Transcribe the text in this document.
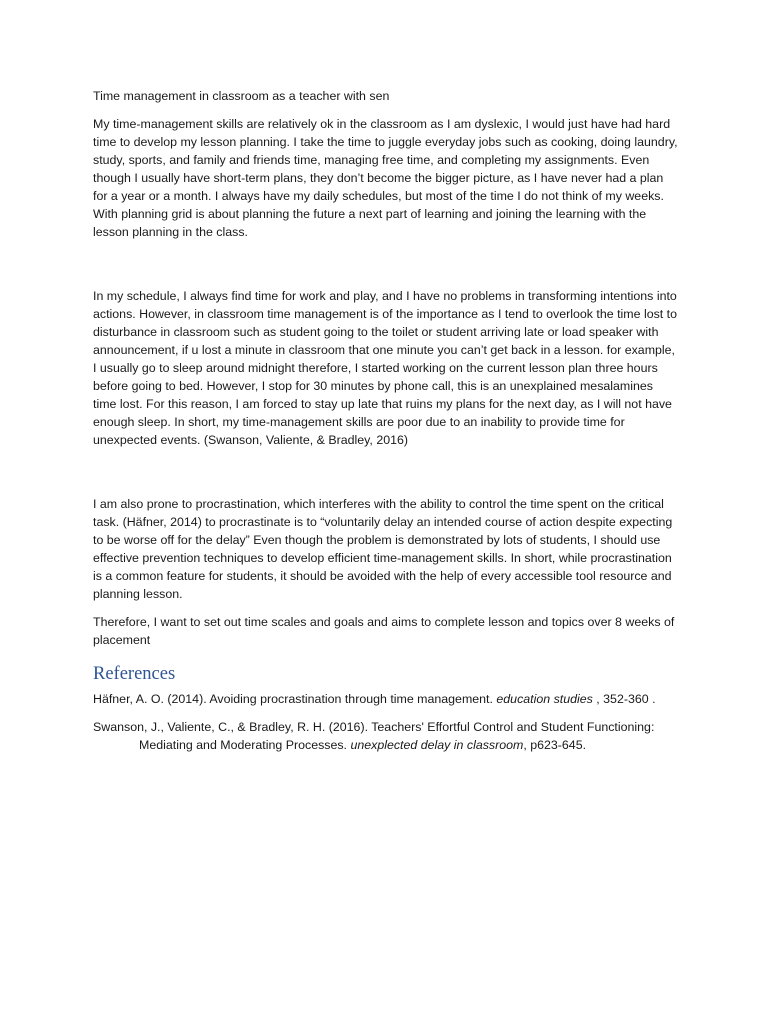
Time management in classroom as a teacher with sen

My time-management skills are relatively ok in the classroom as I am dyslexic, I would just have had hard time to develop my lesson planning. I take the time to juggle everyday jobs such as cooking, doing laundry, study, sports, and family and friends time, managing free time, and completing my assignments. Even though I usually have short-term plans, they don’t become the bigger picture, as I have never had a plan for a year or a month. I always have my daily schedules, but most of the time I do not think of my weeks. With planning grid is about planning the future a next part of learning and joining the learning with the lesson planning in the class.

In my schedule, I always find time for work and play, and I have no problems in transforming intentions into actions. However, in classroom time management is of the importance as I tend to overlook the time lost to disturbance in classroom such as student going to the toilet or student arriving late or load speaker with announcement, if u lost a minute in classroom that one minute you can’t get back in a lesson. for example, I usually go to sleep around midnight therefore, I started working on the current lesson plan three hours before going to bed. However, I stop for 30 minutes by phone call, this is an unexplained mesalamines time lost. For this reason, I am forced to stay up late that ruins my plans for the next day, as I will not have enough sleep. In short, my time-management skills are poor due to an inability to provide time for unexpected events. (Swanson, Valiente, & Bradley, 2016)

I am also prone to procrastination, which interferes with the ability to control the time spent on the critical task. (Häfner, 2014) to procrastinate is to “voluntarily delay an intended course of action despite expecting to be worse off for the delay” Even though the problem is demonstrated by lots of students, I should use effective prevention techniques to develop efficient time-management skills. In short, while procrastination is a common feature for students, it should be avoided with the help of every accessible tool resource and planning lesson.

Therefore, I want to set out time scales and goals and aims to complete lesson and topics over 8 weeks of placement

References

Häfner, A. O. (2014). Avoiding procrastination through time management. education studies , 352-360 .

Swanson, J., Valiente, C., & Bradley, R. H. (2016). Teachers' Effortful Control and Student Functioning: Mediating and Moderating Processes. unexplected delay in classroom, p623-645.
